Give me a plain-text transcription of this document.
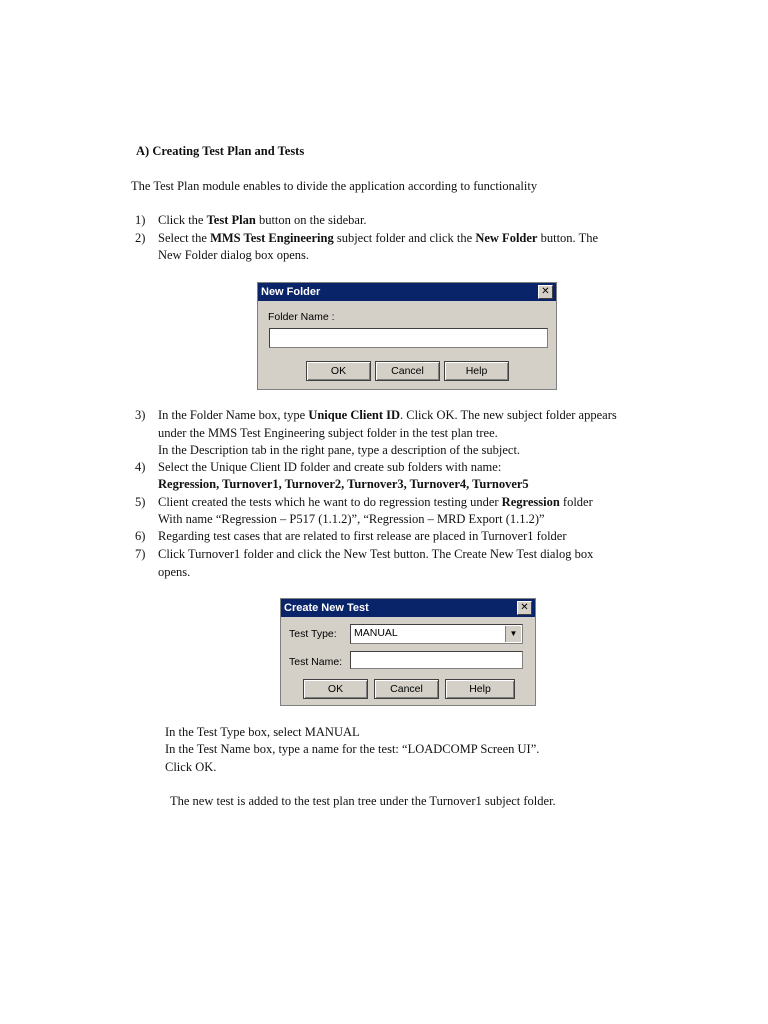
A) Creating Test Plan and Tests
The Test Plan module enables to divide the application according to functionality
1) Click the Test Plan button on the sidebar.
2) Select the MMS Test Engineering subject folder and click the New Folder button. The
New Folder dialog box opens.
New Folder	✕
Folder Name :
OK	Cancel	Help
3) In the Folder Name box, type Unique Client ID. Click OK. The new subject folder appears
under the MMS Test Engineering subject folder in the test plan tree.
In the Description tab in the right pane, type a description of the subject.
4) Select the Unique Client ID folder and create sub folders with name:
Regression, Turnover1, Turnover2, Turnover3, Turnover4, Turnover5
5) Client created the tests which he want to do regression testing under Regression folder
With name “Regression – P517 (1.1.2)”, “Regression – MRD Export (1.1.2)”
6) Regarding test cases that are related to first release are placed in Turnover1 folder
7) Click Turnover1 folder and click the New Test button. The Create New Test dialog box
opens.
Create New Test	✕
Test Type: MANUAL	▼
Test Name:
OK	Cancel	Help
In the Test Type box, select MANUAL
In the Test Name box, type a name for the test: “LOADCOMP Screen UI”.
Click OK.
The new test is added to the test plan tree under the Turnover1 subject folder.
